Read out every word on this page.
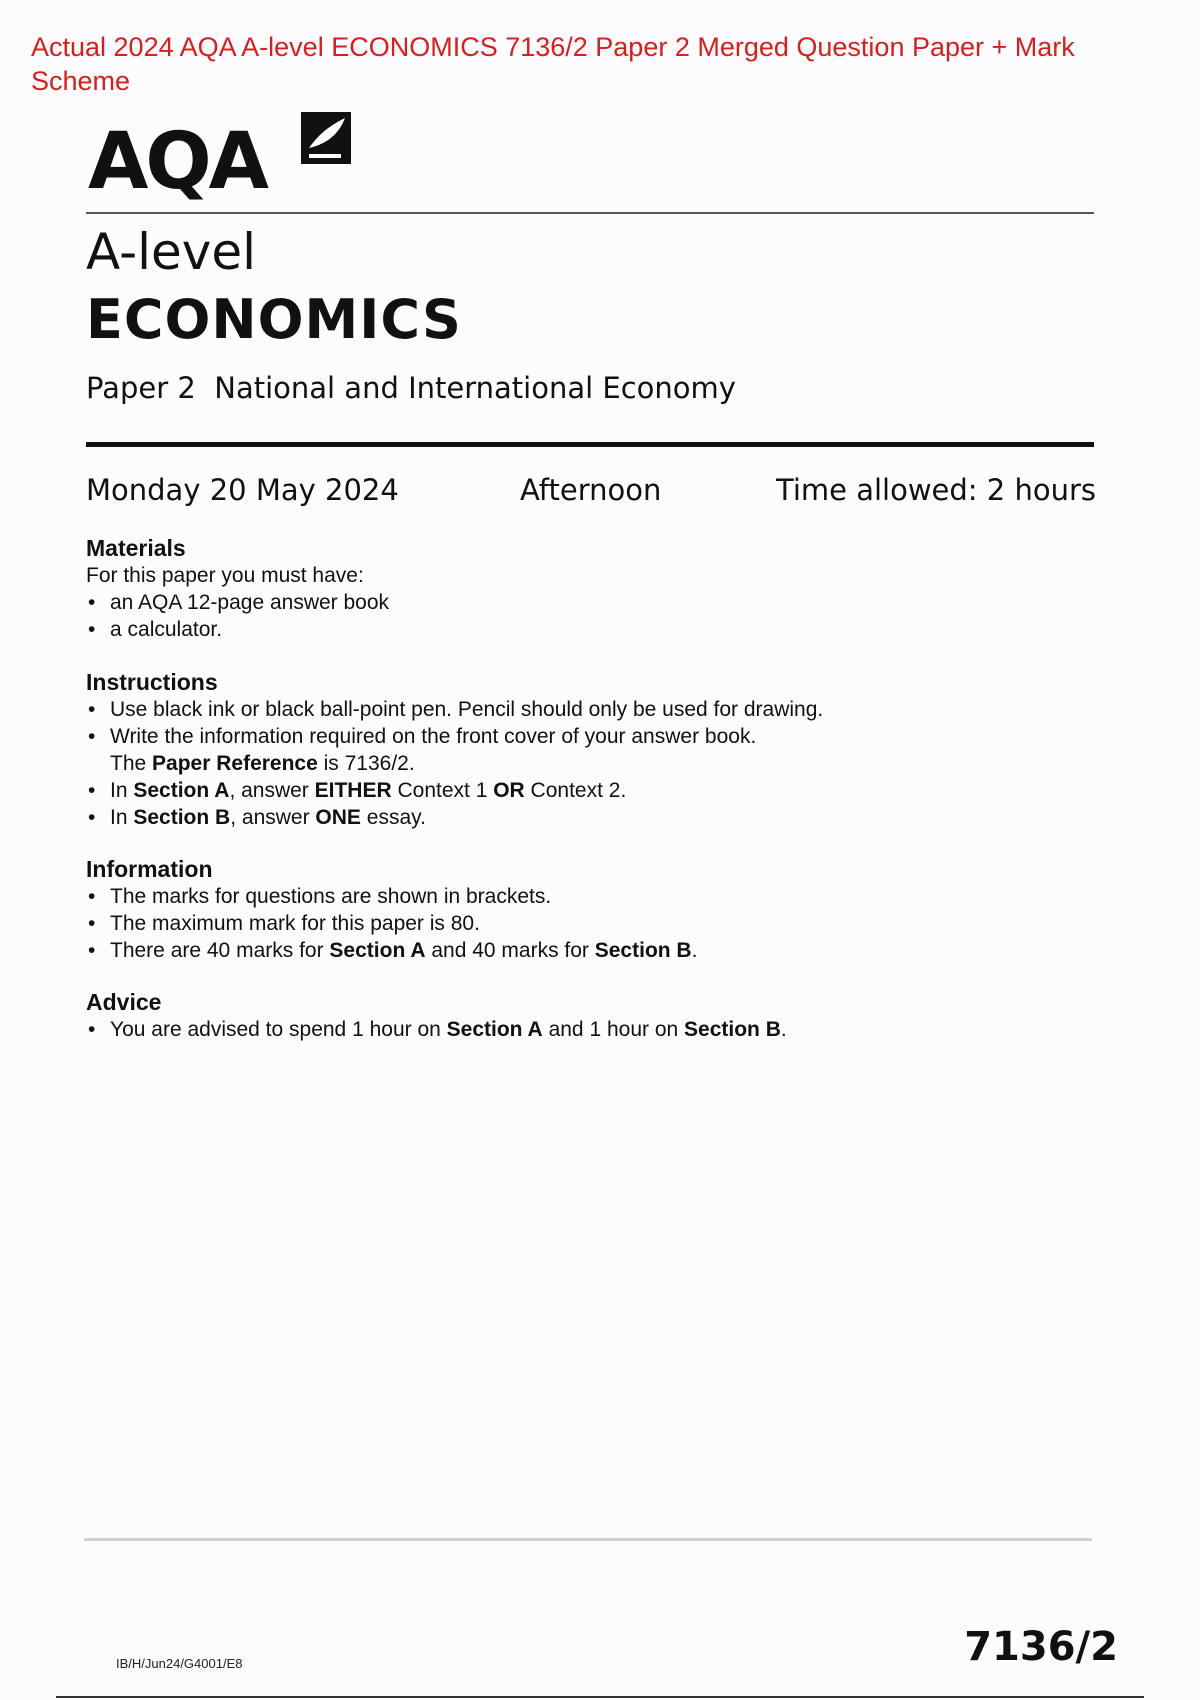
Actual 2024 AQA A-level ECONOMICS 7136/2 Paper 2 Merged Question Paper + Mark Scheme
AQA
A-level
ECONOMICS
Paper 2 National and International Economy
Monday 20 May 2024	Afternoon	Time allowed: 2 hours
Materials

For this paper you must have:

• an AQA 12-page answer book
• a calculator.
Instructions
• Use black ink or black ball-point pen. Pencil should only be used for drawing.
• Write the information required on the front cover of your answer book.
The Paper Reference is 7136/2.
• In Section A, answer EITHER Context 1 OR Context 2.
• In Section B, answer ONE essay.
Information
• The marks for questions are shown in brackets.
• The maximum mark for this paper is 80.
• There are 40 marks for Section A and 40 marks for Section B.
Advice
• You are advised to spend 1 hour on Section A and 1 hour on Section B.
IB/H/Jun24/G4001/E8	7136/2
